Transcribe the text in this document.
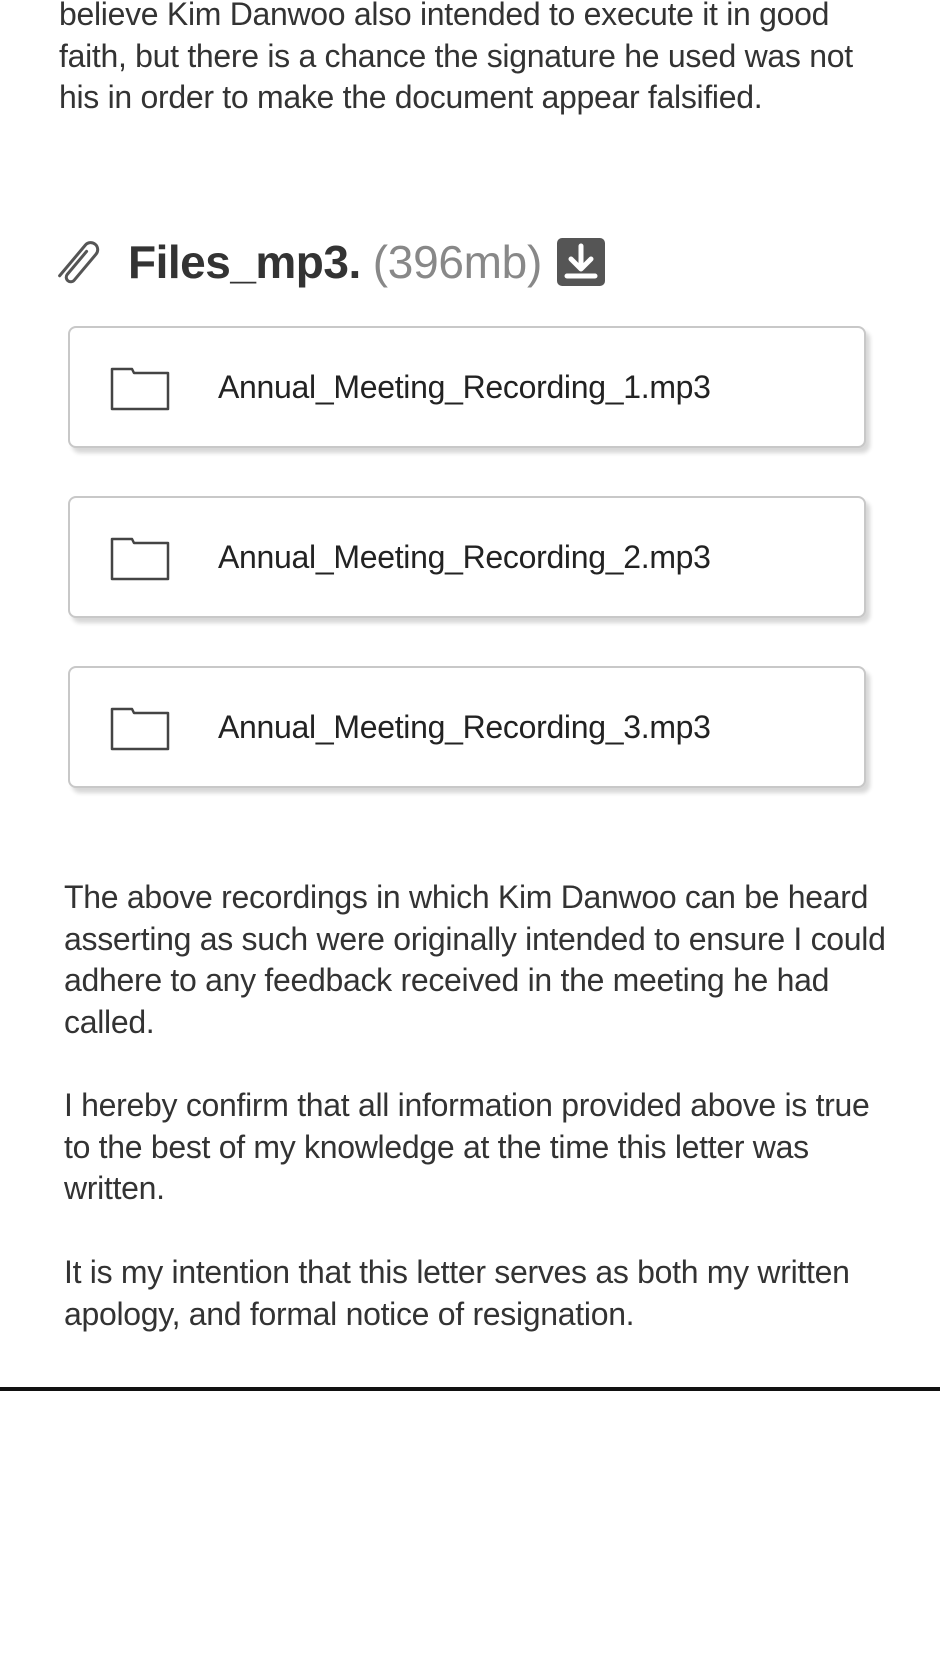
believe Kim Danwoo also intended to execute it in good faith, but there is a chance the signature he used was not his in order to make the document appear falsified.

Files_mp3. (396mb)
Annual_Meeting_Recording_1.mp3
Annual_Meeting_Recording_2.mp3
Annual_Meeting_Recording_3.mp3

The above recordings in which Kim Danwoo can be heard asserting as such were originally intended to ensure I could adhere to any feedback received in the meeting he had called.

I hereby confirm that all information provided above is true to the best of my knowledge at the time this letter was written.

It is my intention that this letter serves as both my written apology, and formal notice of resignation.
